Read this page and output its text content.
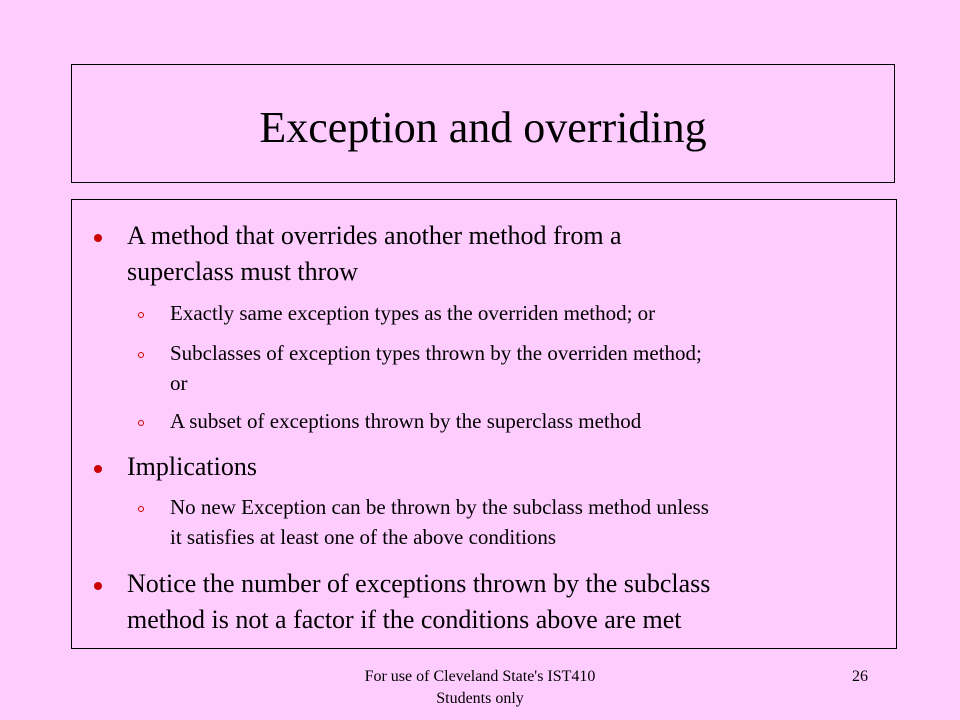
Exception and overriding
A method that overrides another method from a
superclass must throw
Exactly same exception types as the overriden method; or
Subclasses of exception types thrown by the overriden method;
or
A subset of exceptions thrown by the superclass method
Implications
No new Exception can be thrown by the subclass method unless
it satisfies at least one of the above conditions
Notice the number of exceptions thrown by the subclass
method is not a factor if the conditions above are met
For use of Cleveland State's IST410
Students only
26
